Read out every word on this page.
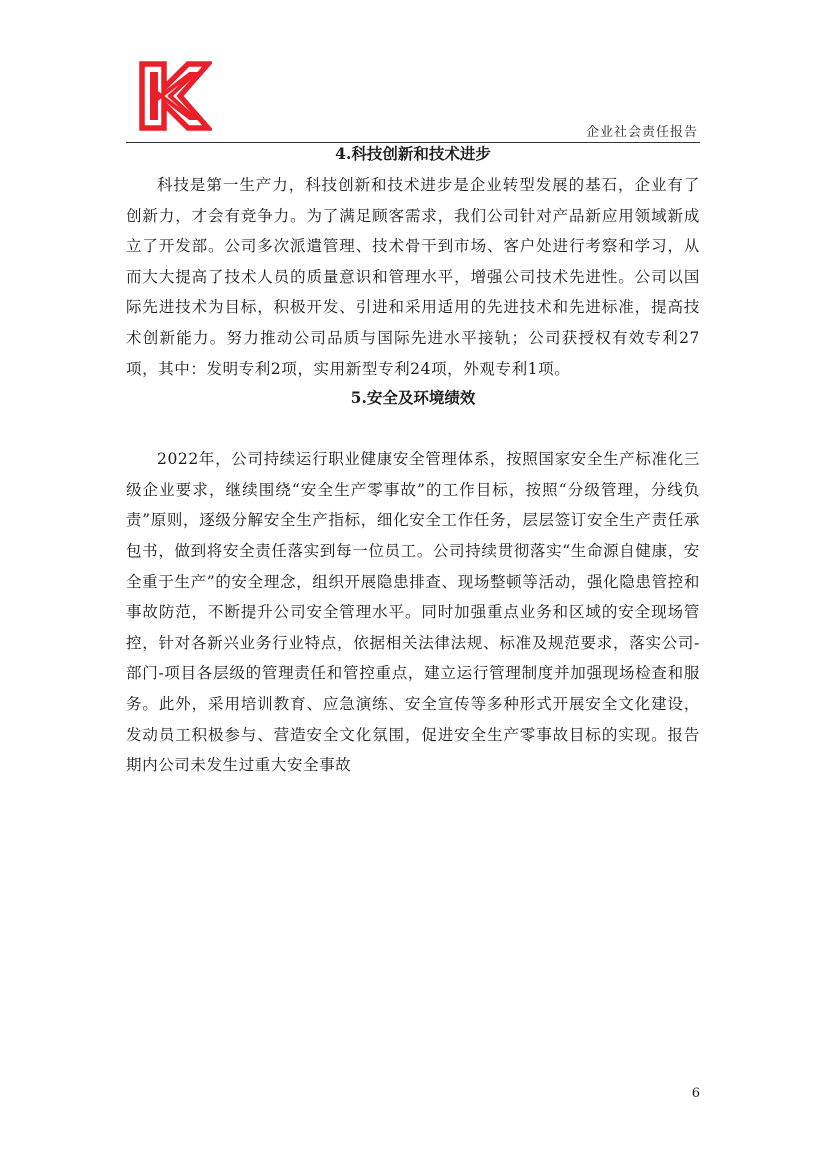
企业社会责任报告
4.科技创新和技术进步

科技是第一生产力，科技创新和技术进步是企业转型发展的基石，企业有了创新力，才会有竞争力。为了满足顾客需求，我们公司针对产品新应用领域新成立了开发部。公司多次派遣管理、技术骨干到市场、客户处进行考察和学习，从而大大提高了技术人员的质量意识和管理水平，增强公司技术先进性。公司以国际先进技术为目标，积极开发、引进和采用适用的先进技术和先进标准，提高技术创新能力。努力推动公司品质与国际先进水平接轨；公司获授权有效专利27项，其中：发明专利2项，实用新型专利24项，外观专利1项。

5.安全及环境绩效

2022年，公司持续运行职业健康安全管理体系，按照国家安全生产标准化三级企业要求，继续围绕“安全生产零事故”的工作目标，按照“分级管理，分线负责”原则，逐级分解安全生产指标，细化安全工作任务，层层签订安全生产责任承包书，做到将安全责任落实到每一位员工。公司持续贯彻落实“生命源自健康，安全重于生产”的安全理念，组织开展隐患排查、现场整顿等活动，强化隐患管控和事故防范，不断提升公司安全管理水平。同时加强重点业务和区域的安全现场管控，针对各新兴业务行业特点，依据相关法律法规、标准及规范要求，落实公司-部门-项目各层级的管理责任和管控重点，建立运行管理制度并加强现场检查和服务。此外，采用培训教育、应急演练、安全宣传等多种形式开展安全文化建设，发动员工积极参与、营造安全文化氛围，促进安全生产零事故目标的实现。报告期内公司未发生过重大安全事故

6
